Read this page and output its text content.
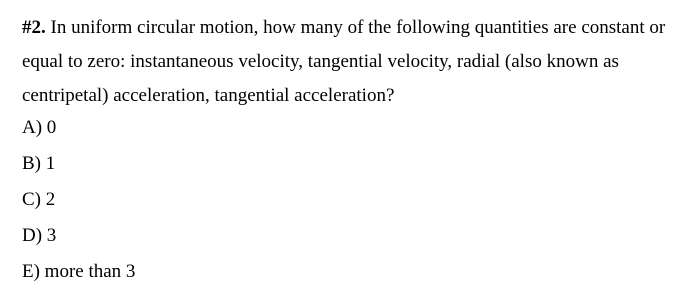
#2. In uniform circular motion, how many of the following quantities are constant or equal to zero: instantaneous velocity, tangential velocity, radial (also known as centripetal) acceleration, tangential acceleration?

A) 0
B) 1
C) 2
D) 3
E) more than 3
